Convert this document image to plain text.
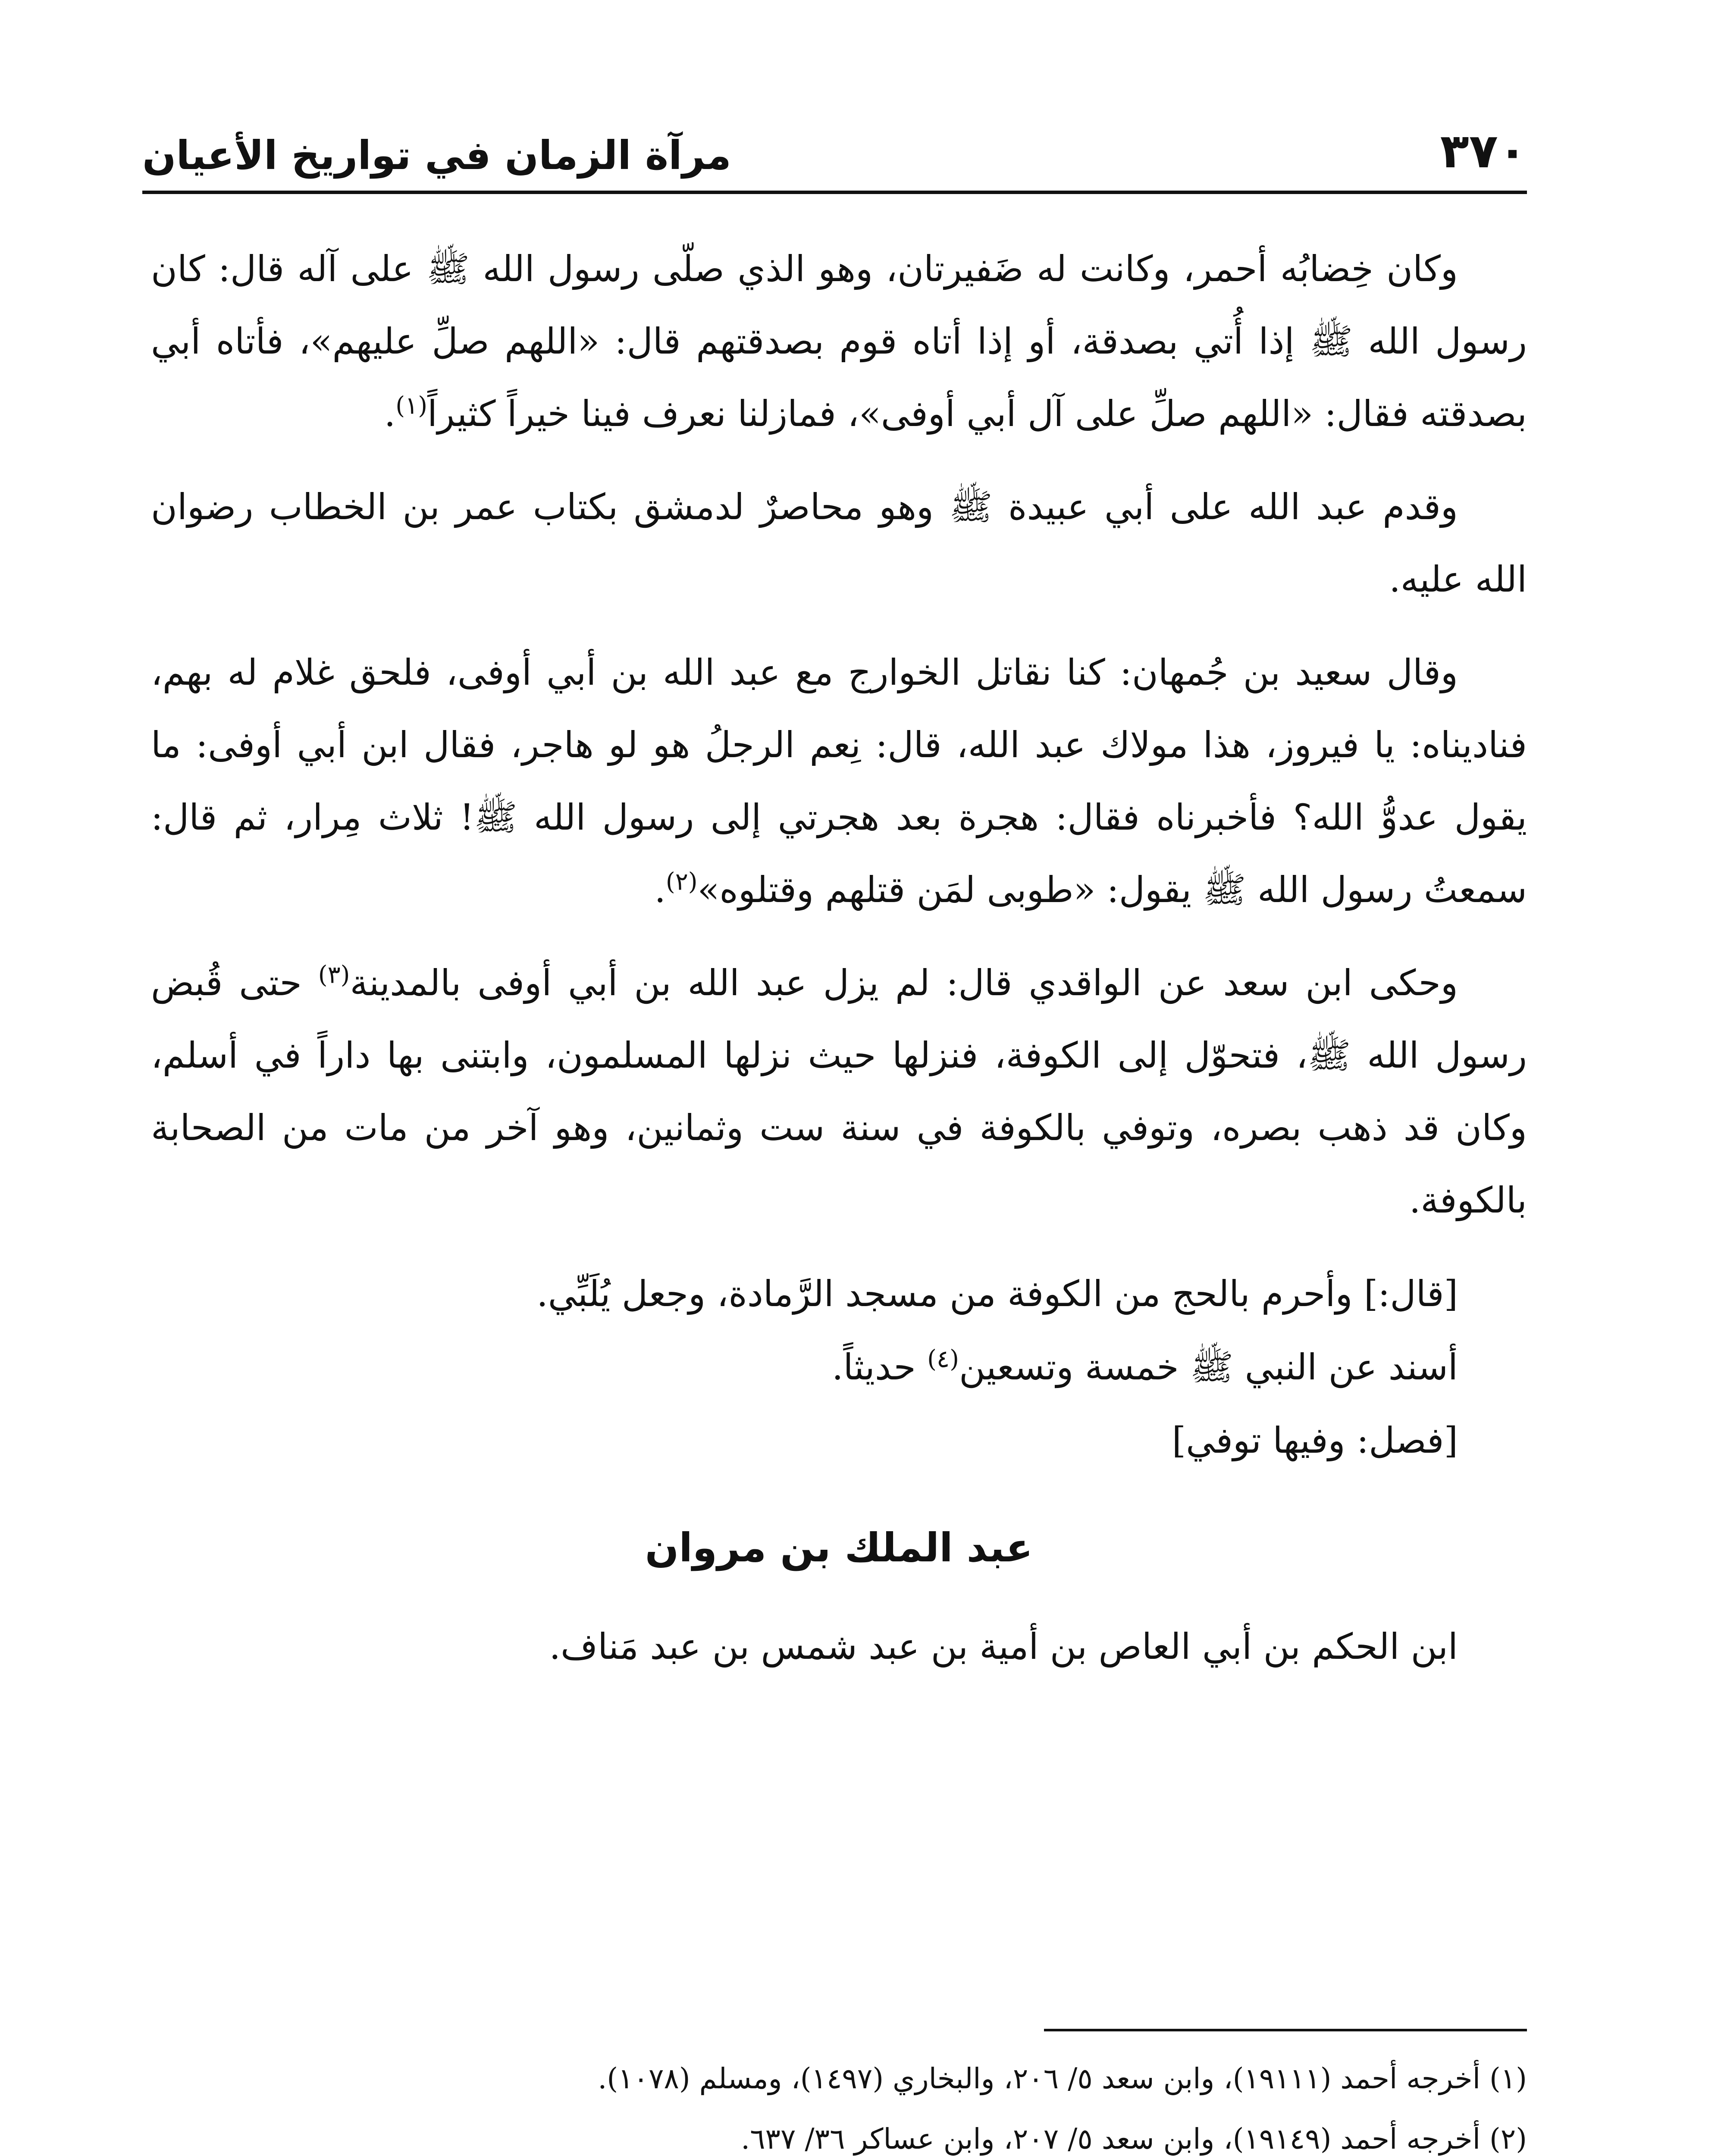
٣٧٠
مرآة الزمان في تواريخ الأعيان

وكان خِضابُه أحمر، وكانت له ضَفيرتان، وهو الذي صلّى رسول الله ﷺ على آله قال: كان رسول الله ﷺ إذا أُتي بصدقة، أو إذا أتاه قوم بصدقتهم قال: «اللهم صلِّ عليهم»، فأتاه أبي بصدقته فقال: «اللهم صلِّ على آل أبي أوفى»، فمازلنا نعرف فينا خيراً كثيراً$^{(١)}$.

وقدم عبد الله على أبي عبيدة ﷺ وهو محاصرٌ لدمشق بكتاب عمر بن الخطاب رضوان الله عليه.

وقال سعيد بن جُمهان: كنا نقاتل الخوارج مع عبد الله بن أبي أوفى، فلحق غلام له بهم، فناديناه: يا فيروز، هذا مولاك عبد الله، قال: نِعم الرجلُ هو لو هاجر، فقال ابن أبي أوفى: ما يقول عدوُّ الله؟ فأخبرناه فقال: هجرة بعد هجرتي إلى رسول الله ﷺ! ثلاث مِرار، ثم قال: سمعتُ رسول الله ﷺ يقول: «طوبى لمَن قتلهم وقتلوه»$^{(٢)}$.

وحكى ابن سعد عن الواقدي قال: لم يزل عبد الله بن أبي أوفى بالمدينة$^{(٣)}$ حتى قُبض رسول الله ﷺ، فتحوّل إلى الكوفة، فنزلها حيث نزلها المسلمون، وابتنى بها داراً في أسلم، وكان قد ذهب بصره، وتوفي بالكوفة في سنة ست وثمانين، وهو آخر من مات من الصحابة بالكوفة.

[قال:] وأحرم بالحج من الكوفة من مسجد الرَّمادة، وجعل يُلَبِّي.

أسند عن النبي ﷺ خمسة وتسعين$^{(٤)}$ حديثاً.

[فصل: وفيها توفي]

عبد الملك بن مروان

ابن الحكم بن أبي العاص بن أمية بن عبد شمس بن عبد مَناف.

(١) أخرجه أحمد (١٩١١١)، وابن سعد ٥/ ٢٠٦، والبخاري (١٤٩٧)، ومسلم (١٠٧٨).

(٢) أخرجه أحمد (١٩١٤٩)، وابن سعد ٥/ ٢٠٧، وابن عساكر ٣٦/ ٦٣٧.
